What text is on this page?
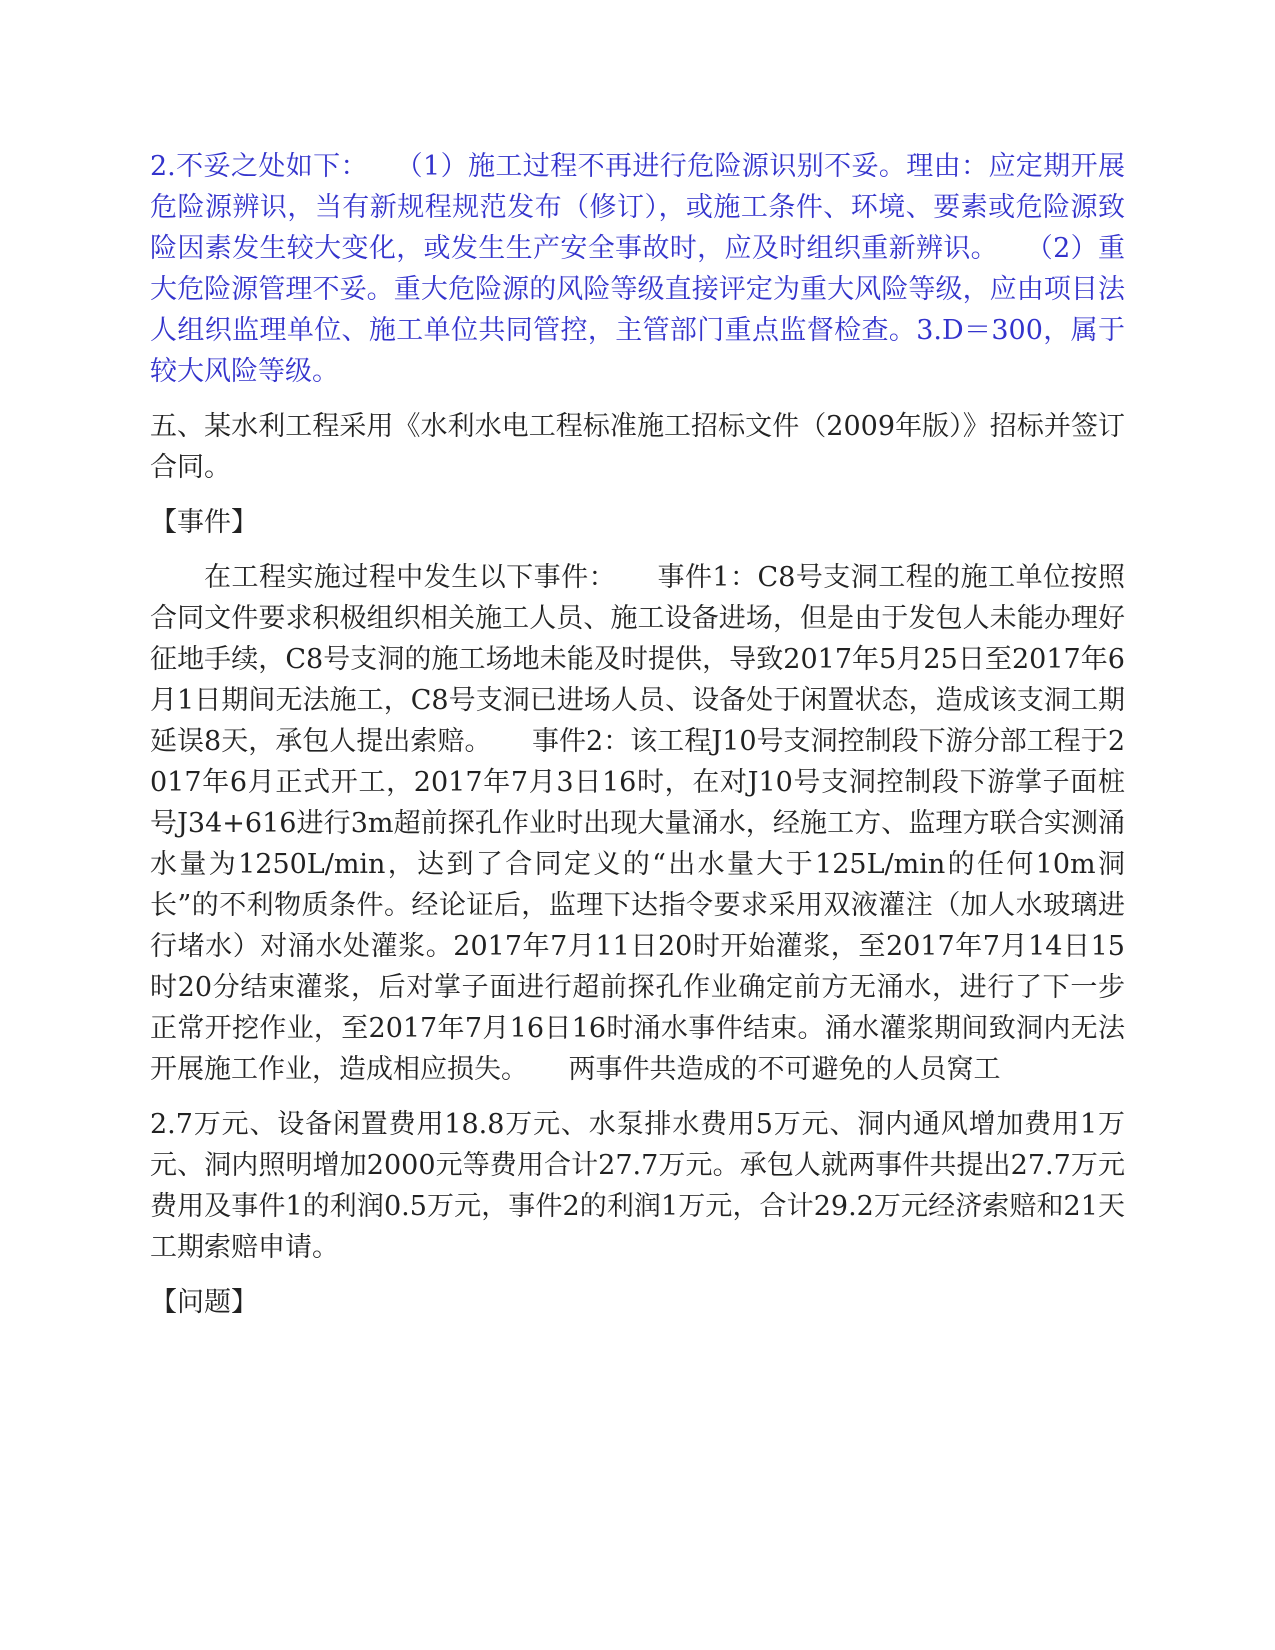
2.不妥之处如下：　　（1）施工过程不再进行危险源识别不妥。理由：应定期开展危险源辨识，当有新规程规范发布（修订），或施工条件、环境、要素或危险源致险因素发生较大变化，或发生生产安全事故时，应及时组织重新辨识。　　（2）重大危险源管理不妥。重大危险源的风险等级直接评定为重大风险等级，应由项目法人组织监理单位、施工单位共同管控，主管部门重点监督检查。3.D＝300，属于较大风险等级。

五、某水利工程采用《水利水电工程标准施工招标文件（2009年版）》招标并签订合同。

【事件】

在工程实施过程中发生以下事件：　　事件1：C8号支洞工程的施工单位按照合同文件要求积极组织相关施工人员、施工设备进场，但是由于发包人未能办理好征地手续，C8号支洞的施工场地未能及时提供，导致2017年5月25日至2017年6月1日期间无法施工，C8号支洞已进场人员、设备处于闲置状态，造成该支洞工期延误8天，承包人提出索赔。　　事件2：该工程J10号支洞控制段下游分部工程于2017年6月正式开工，2017年7月3日16时，在对J10号支洞控制段下游掌子面桩号J34+616进行3m超前探孔作业时出现大量涌水，经施工方、监理方联合实测涌水量为1250L/min，达到了合同定义的“出水量大于125L/min的任何10m洞长”的不利物质条件。经论证后，监理下达指令要求采用双液灌注（加人水玻璃进行堵水）对涌水处灌浆。2017年7月11日20时开始灌浆，至2017年7月14日15时20分结束灌浆，后对掌子面进行超前探孔作业确定前方无涌水，进行了下一步正常开挖作业，至2017年7月16日16时涌水事件结束。涌水灌浆期间致洞内无法开展施工作业，造成相应损失。　　两事件共造成的不可避免的人员窝工

2.7万元、设备闲置费用18.8万元、水泵排水费用5万元、洞内通风增加费用1万元、洞内照明增加2000元等费用合计27.7万元。承包人就两事件共提出27.7万元费用及事件1的利润0.5万元，事件2的利润1万元，合计29.2万元经济索赔和21天工期索赔申请。

【问题】
